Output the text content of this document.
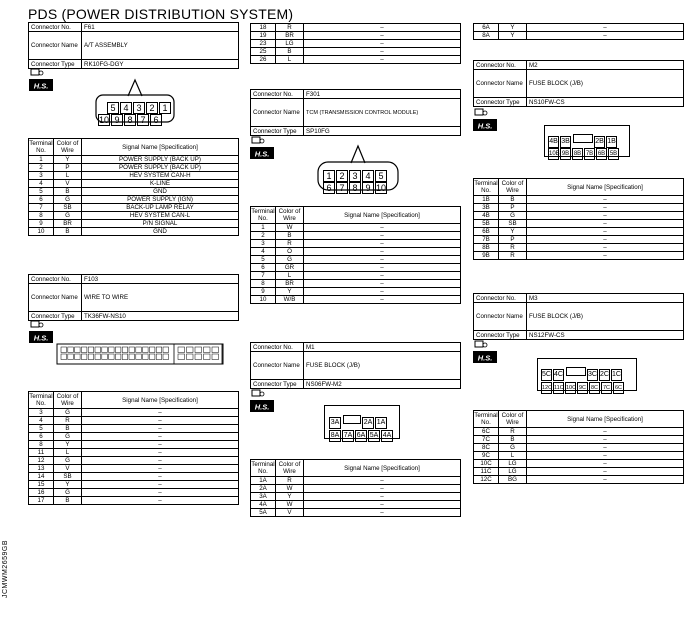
PDS (POWER DISTRIBUTION SYSTEM)
Connector No.	F61
Connector Name	A/T ASSEMBLY
Connector Type	RK10FG-DGY
H.S.
5 4 3 2 1
10 9 8 7 6
Terminal No.	Color of Wire	Signal Name [Specification]
1	Y	POWER SUPPLY (BACK UP)
2	P	POWER SUPPLY (BACK UP)
3	L	HEV SYSTEM CAN-H
4	V	K-LINE
5	B	GND
6	G	POWER SUPPLY (IGN)
7	SB	BACK-UP LAMP RELAY
8	G	HEV SYSTEM CAN-L
9	BR	P/N SIGNAL
10	B	GND
Connector No.	F103
Connector Name	WIRE TO WIRE
Connector Type	TK36FW-NS10
H.S.
Terminal No.	Color of Wire	Signal Name [Specification]
3	G	–
4	R	–
5	B	–
6	G	–
8	Y	–
11	L	–
12	G	–
13	V	–
14	SB	–
15	Y	–
16	G	–
17	B	–
18	R	–
19	BR	–
23	LG	–
25	B	–
26	L	–
Connector No.	F301
Connector Name	TCM (TRANSMISSION CONTROL MODULE)
Connector Type	SP10FG
H.S.
1 2 3 4 5
6 7 8 9 10
Terminal No.	Color of Wire	Signal Name [Specification]
1	W	–
2	B	–
3	R	–
4	O	–
5	G	–
6	GR	–
7	L	–
8	BR	–
9	Y	–
10	W/B	–
Connector No.	M1
Connector Name	FUSE BLOCK (J/B)
Connector Type	NS06FW-M2
H.S.
3A	2A 1A
8A 7A 6A 5A 4A
Terminal No.	Color of Wire	Signal Name [Specification]
1A	R	–
2A	W	–
3A	Y	–
4A	W	–
5A	V	–
6A	Y	–
8A	Y	–
Connector No.	M2
Connector Name	FUSE BLOCK (J/B)
Connector Type	NS10FW-CS
H.S.
4B 3B	2B 1B
10B 9B 8B 7B 6B 5B
Terminal No.	Color of Wire	Signal Name [Specification]
1B	B	–
3B	P	–
4B	G	–
5B	SB	–
6B	Y	–
7B	P	–
8B	R	–
9B	R	–
Connector No.	M3
Connector Name	FUSE BLOCK (J/B)
Connector Type	NS12FW-CS
H.S.
5C 4C	3C 2C 1C
12C 11C 10C 9C 8C 7C 6C
Terminal No.	Color of Wire	Signal Name [Specification]
6C	R	–
7C	B	–
8C	G	–
9C	L	–
10C	LG	–
11C	LG	–
12C	BG	–
JCMWM2659GB
